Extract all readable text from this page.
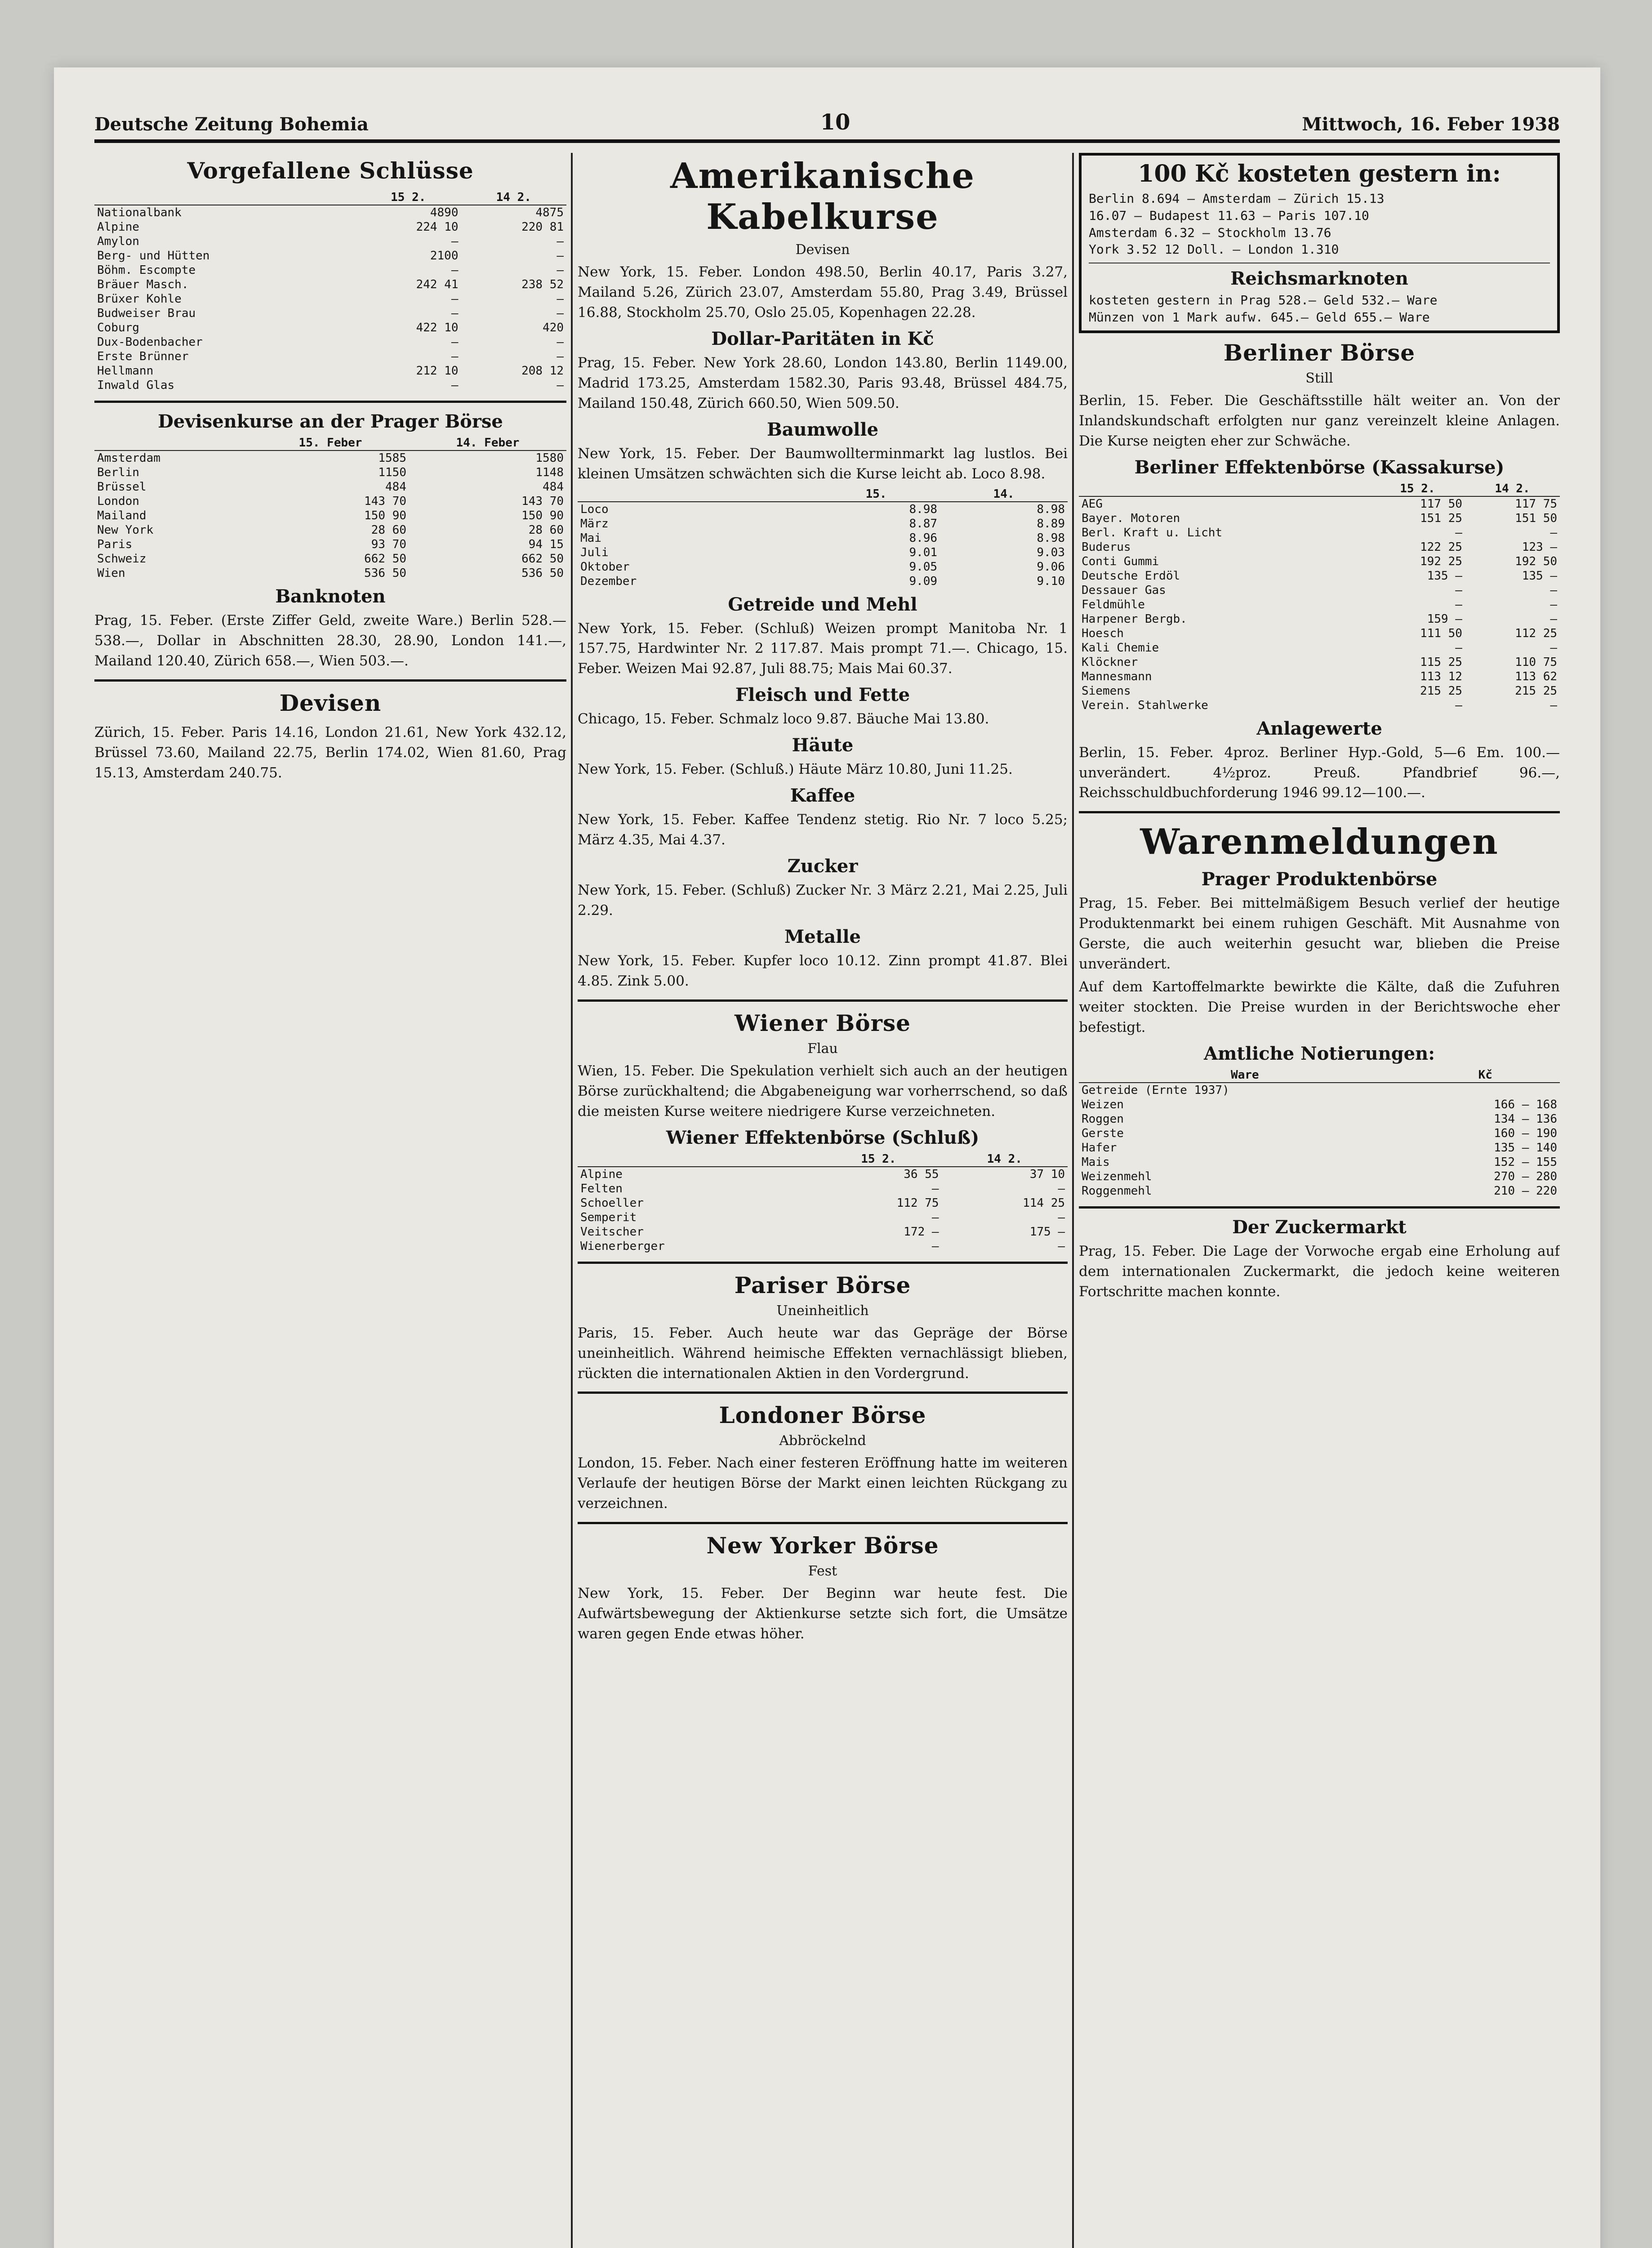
Deutsche Zeitung Bohemia	10	Mittwoch, 16. Feber 1938
Vorgefallene Schlüsse
	15 2.	14 2.
Nationalbank	4890	4875
Alpine	224 10	220 81
Amylon	—	—
Berg- und Hütten	2100	—
Böhm. Escompte	—	—
Bräuer Masch.	242 41	238 52
Brüxer Kohle	—	—
Budweiser Brau	—	—
Coburg	422 10	420
Dux-Bodenbacher	—	—
Erste Brünner	—	—
Hellmann	212 10	208 12
Inwald Glas	—	—
Devisenkurse an der Prager Börse
	15. Feber	14. Feber
Amsterdam	1585	1580
Berlin	1150	1148
Brüssel	484	484
London	143 70	143 70
Mailand	150 90	150 90
New York	28 60	28 60
Paris	93 70	94 15
Schweiz	662 50	662 50
Wien	536 50	536 50
Banknoten

Prag, 15. Feber. (Erste Ziffer Geld, zweite Ware.) Berlin 528.— 538.—, Dollar in Abschnitten 28.30, 28.90, London 141.—, Mailand 120.40, Zürich 658.—, Wien 503.—.

Devisen

Zürich, 15. Feber. Paris 14.16, London 21.61, New York 432.12, Brüssel 73.60, Mailand 22.75, Berlin 174.02, Wien 81.60, Prag 15.13, Amsterdam 240.75.

Amerikanische Kabelkurse
Devisen

New York, 15. Feber. London 498.50, Berlin 40.17, Paris 3.27, Mailand 5.26, Zürich 23.07, Amsterdam 55.80, Prag 3.49, Brüssel 16.88, Stockholm 25.70, Oslo 25.05, Kopenhagen 22.28.

Dollar-Paritäten in Kč

Prag, 15. Feber. New York 28.60, London 143.80, Berlin 1149.00, Madrid 173.25, Amsterdam 1582.30, Paris 93.48, Brüssel 484.75, Mailand 150.48, Zürich 660.50, Wien 509.50.

Baumwolle

New York, 15. Feber. Der Baumwollterminmarkt lag lustlos. Bei kleinen Umsätzen schwächten sich die Kurse leicht ab. Loco 8.98.

	15.	14.
Loco	8.98	8.98
März	8.87	8.89
Mai	8.96	8.98
Juli	9.01	9.03
Oktober	9.05	9.06
Dezember	9.09	9.10
Getreide und Mehl

New York, 15. Feber. (Schluß) Weizen prompt Manitoba Nr. 1 157.75, Hardwinter Nr. 2 117.87. Mais prompt 71.—. Chicago, 15. Feber. Weizen Mai 92.87, Juli 88.75; Mais Mai 60.37.

Fleisch und Fette

Chicago, 15. Feber. Schmalz loco 9.87. Bäuche Mai 13.80.

Häute

New York, 15. Feber. (Schluß.) Häute März 10.80, Juni 11.25.

Kaffee

New York, 15. Feber. Kaffee Tendenz stetig. Rio Nr. 7 loco 5.25; März 4.35, Mai 4.37.

Zucker

New York, 15. Feber. (Schluß) Zucker Nr. 3 März 2.21, Mai 2.25, Juli 2.29.

Metalle

New York, 15. Feber. Kupfer loco 10.12. Zinn prompt 41.87. Blei 4.85. Zink 5.00.

Wiener Börse
Flau

Wien, 15. Feber. Die Spekulation verhielt sich auch an der heutigen Börse zurückhaltend; die Abgabeneigung war vorherrschend, so daß die meisten Kurse weitere niedrigere Kurse verzeichneten.

Wiener Effektenbörse (Schluß)
	15 2.	14 2.
Alpine	36 55	37 10
Felten	—	—
Schoeller	112 75	114 25
Semperit	—	—
Veitscher	172 —	175 —
Wienerberger	—	—
Pariser Börse
Uneinheitlich

Paris, 15. Feber. Auch heute war das Gepräge der Börse uneinheitlich. Während heimische Effekten vernachlässigt blieben, rückten die internationalen Aktien in den Vordergrund.

Londoner Börse
Abbröckelnd

London, 15. Feber. Nach einer festeren Eröffnung hatte im weiteren Verlaufe der heutigen Börse der Markt einen leichten Rückgang zu verzeichnen.

New Yorker Börse
Fest

New York, 15. Feber. Der Beginn war heute fest. Die Aufwärtsbewegung der Aktienkurse setzte sich fort, die Umsätze waren gegen Ende etwas höher.

100 Kč kosteten gestern in:
Berlin 8.694 — Amsterdam — Zürich 15.13
16.07 — Budapest 11.63 — Paris 107.10
Amsterdam 6.32 — Stockholm 13.76
York 3.52 12 Doll. — London 1.310
Reichsmarknoten
kosteten gestern in Prag 528.— Geld 532.— Ware
Münzen von 1 Mark aufw. 645.— Geld 655.— Ware
Berliner Börse
Still

Berlin, 15. Feber. Die Geschäftsstille hält weiter an. Von der Inlandskundschaft erfolgten nur ganz vereinzelt kleine Anlagen. Die Kurse neigten eher zur Schwäche.

Berliner Effektenbörse (Kassakurse)
	15 2.	14 2.
AEG	117 50	117 75
Bayer. Motoren	151 25	151 50
Berl. Kraft u. Licht	—	—
Buderus	122 25	123 —
Conti Gummi	192 25	192 50
Deutsche Erdöl	135 —	135 —
Dessauer Gas	—	—
Feldmühle	—	—
Harpener Bergb.	159 —	—
Hoesch	111 50	112 25
Kali Chemie	—	—
Klöckner	115 25	110 75
Mannesmann	113 12	113 62
Siemens	215 25	215 25
Verein. Stahlwerke	—	—
Anlagewerte

Berlin, 15. Feber. 4proz. Berliner Hyp.-Gold, 5—6 Em. 100.— unverändert. 4½proz. Preuß. Pfandbrief 96.—, Reichsschuldbuchforderung 1946 99.12—100.—.

Warenmeldungen
Prager Produktenbörse

Prag, 15. Feber. Bei mittelmäßigem Besuch verlief der heutige Produktenmarkt bei einem ruhigen Geschäft. Mit Ausnahme von Gerste, die auch weiterhin gesucht war, blieben die Preise unverändert.

Auf dem Kartoffelmarkte bewirkte die Kälte, daß die Zufuhren weiter stockten. Die Preise wurden in der Berichtswoche eher befestigt.

Amtliche Notierungen:
Ware	Kč
Getreide (Ernte 1937)	
Weizen	166 — 168
Roggen	134 — 136
Gerste	160 — 190
Hafer	135 — 140
Mais	152 — 155
Weizenmehl	270 — 280
Roggenmehl	210 — 220
Der Zuckermarkt

Prag, 15. Feber. Die Lage der Vorwoche ergab eine Erholung auf dem internationalen Zuckermarkt, die jedoch keine weiteren Fortschritte machen konnte.
